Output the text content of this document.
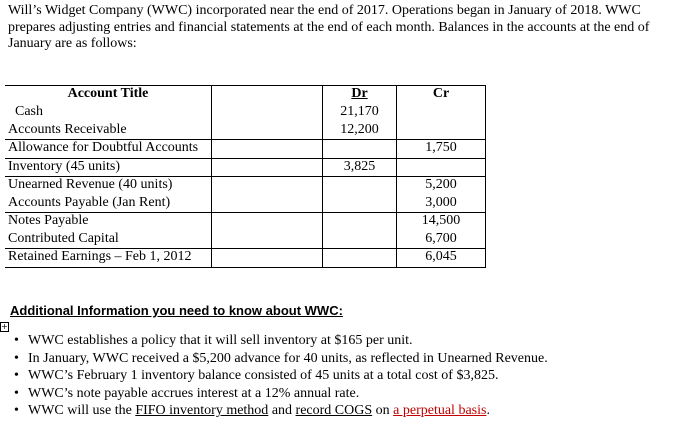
Will’s Widget Company (WWC) incorporated near the end of 2017. Operations began in January of 2018. WWC prepares adjusting entries and financial statements at the end of each month. Balances in the accounts at the end of January are as follows:

Account Title		Dr	Cr
Cash		21,170	
Accounts Receivable		12,200	
Allowance for Doubtful Accounts			1,750
Inventory (45 units)		3,825	
Unearned Revenue (40 units)			5,200
Accounts Payable (Jan Rent)			3,000
Notes Payable			14,500
Contributed Capital			6,700
Retained Earnings – Feb 1, 2012			6,045

Additional Information you need to know about WWC:

+
• WWC establishes a policy that it will sell inventory at $165 per unit.
• In January, WWC received a $5,200 advance for 40 units, as reflected in Unearned Revenue.
• WWC’s February 1 inventory balance consisted of 45 units at a total cost of $3,825.
• WWC’s note payable accrues interest at a 12% annual rate.
• WWC will use the FIFO inventory method and record COGS on a perpetual basis.
